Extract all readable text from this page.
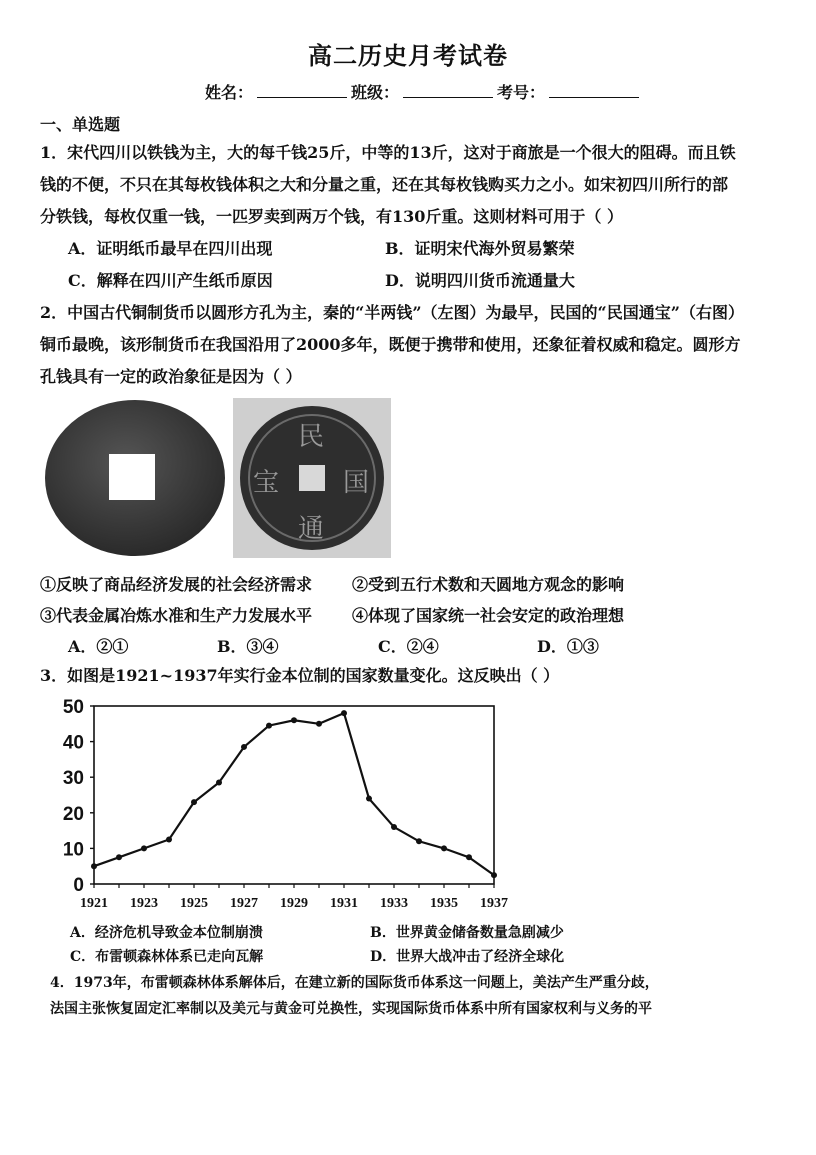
高二历史月考试卷
姓名：	班级：	考号：
一、单选题
1．宋代四川以铁钱为主，大的每千钱25斤，中等的13斤，这对于商旅是一个很大的阻碍。而且铁
钱的不便，不只在其每枚钱体积之大和分量之重，还在其每枚钱购买力之小。如宋初四川所行的部
分铁钱，每枚仅重一钱，一匹罗卖到两万个钱，有130斤重。这则材料可用于（ ）
A．证明纸币最早在四川出现	B．证明宋代海外贸易繁荣
C．解释在四川产生纸币原因	D．说明四川货币流通量大
2．中国古代铜制货币以圆形方孔为主，秦的“半两钱”（左图）为最早，民国的“民国通宝”（右图）
铜币最晚，该形制货币在我国沿用了2000多年，既便于携带和使用，还象征着权威和稳定。圆形方
孔钱具有一定的政治象征是因为（ ）
民
国
通
宝
①反映了商品经济发展的社会经济需求 ②受到五行术数和天圆地方观念的影响
③代表金属冶炼水准和生产力发展水平 ④体现了国家统一社会安定的政治理想
A．②①	B．③④	C．②④	D．①③
3．如图是1921~1937年实行金本位制的国家数量变化。这反映出（ ）
0
10
20
30
40
50
1921 1923 1925 1927 1929 1931 1933 1935 1937
A．经济危机导致金本位制崩溃	B．世界黄金储备数量急剧减少
C．布雷顿森林体系已走向瓦解	D．世界大战冲击了经济全球化
4．1973年，布雷顿森林体系解体后，在建立新的国际货币体系这一问题上，美法产生严重分歧，
法国主张恢复固定汇率制以及美元与黄金可兑换性，实现国际货币体系中所有国家权利与义务的平
